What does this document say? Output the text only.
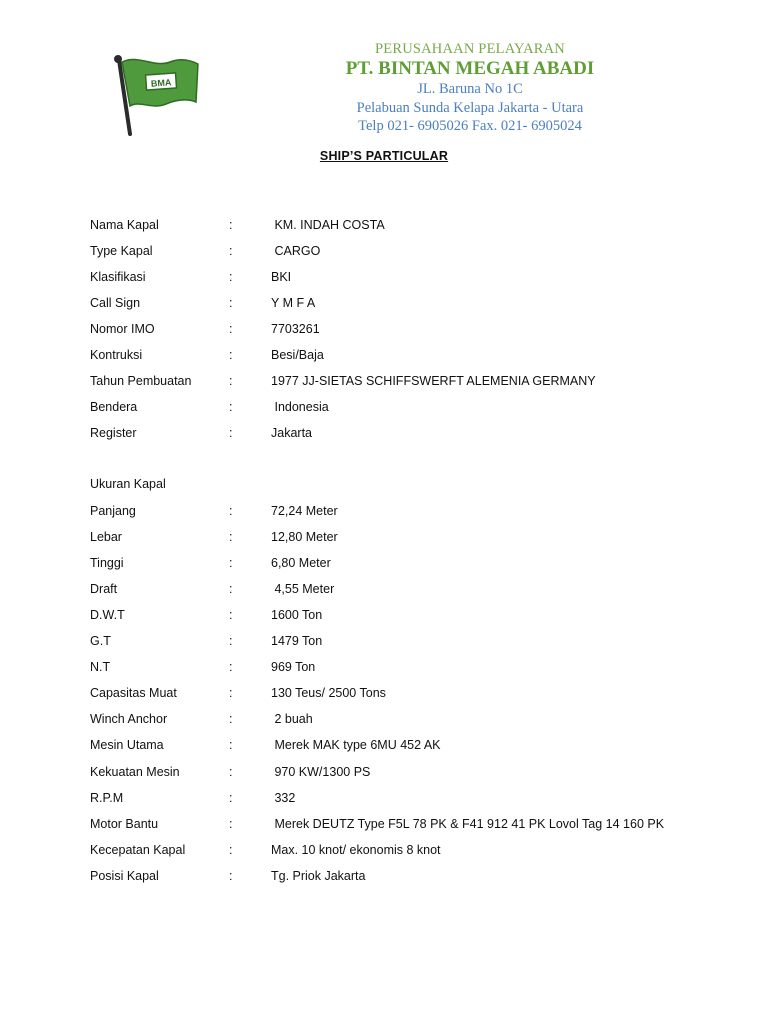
BMA
PERUSAHAAN PELAYARAN
PT. BINTAN MEGAH ABADI
JL. Baruna No 1C
Pelabuan Sunda Kelapa Jakarta - Utara
Telp 021- 6905026 Fax. 021- 6905024
SHIP’S PARTICULAR
Nama Kapal	:	KM. INDAH COSTA
Type Kapal	:	CARGO
Klasifikasi	:	BKI
Call Sign	:	Y M F A
Nomor IMO	:	7703261
Kontruksi	:	Besi/Baja
Tahun Pembuatan	:	1977 JJ-SIETAS SCHIFFSWERFT ALEMENIA GERMANY
Bendera	:	Indonesia
Register	:	Jakarta
Ukuran Kapal
Panjang	:	72,24 Meter
Lebar	:	12,80 Meter
Tinggi	:	6,80 Meter
Draft	:	4,55 Meter
D.W.T	:	1600 Ton
G.T	:	1479 Ton
N.T	:	969 Ton
Capasitas Muat	:	130 Teus/ 2500 Tons
Winch Anchor	:	2 buah
Mesin Utama	:	Merek MAK type 6MU 452 AK
Kekuatan Mesin	:	970 KW/1300 PS
R.P.M	:	332
Motor Bantu	:	Merek DEUTZ Type F5L 78 PK & F41 912 41 PK Lovol Tag 14 160 PK
Kecepatan Kapal	:	Max. 10 knot/ ekonomis 8 knot
Posisi Kapal	:	Tg. Priok Jakarta
